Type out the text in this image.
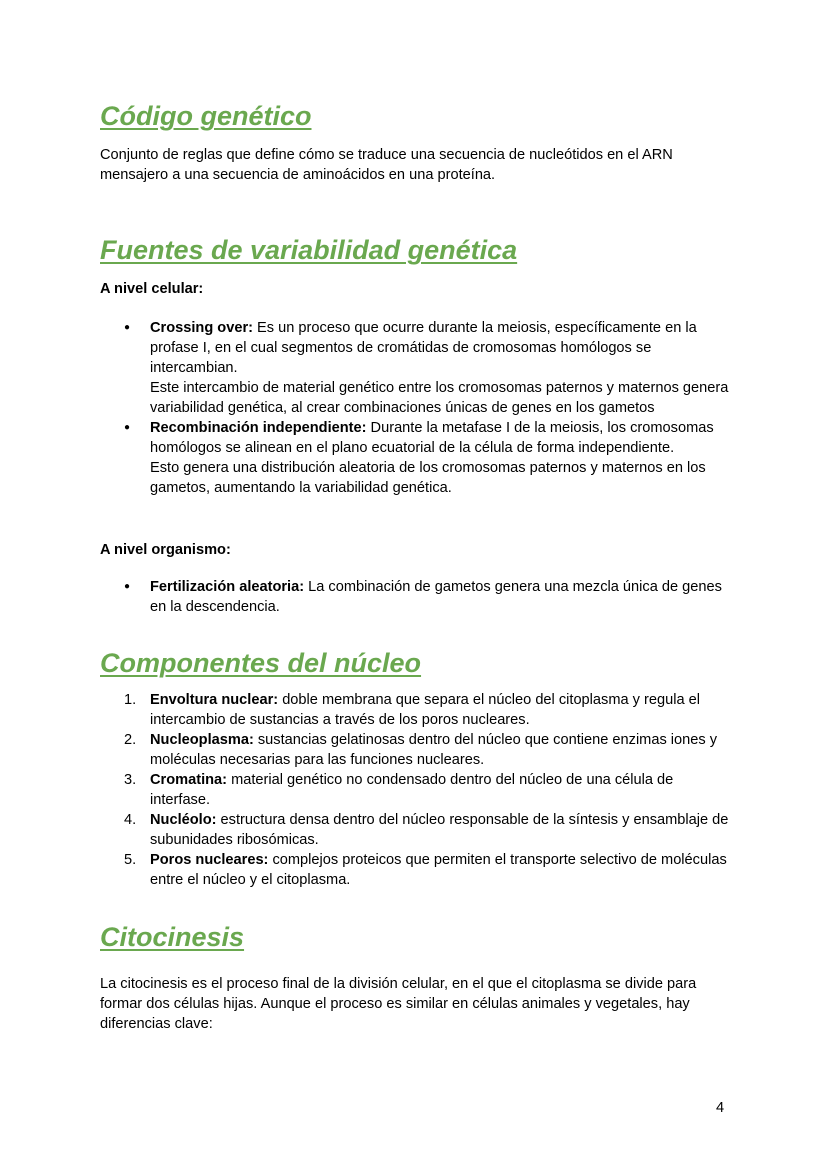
Código genético

Conjunto de reglas que define cómo se traduce una secuencia de nucleótidos en el ARN mensajero a una secuencia de aminoácidos en una proteína.

Fuentes de variabilidad genética

A nivel celular:

● Crossing over: Es un proceso que ocurre durante la meiosis, específicamente en la profase I, en el cual segmentos de cromátidas de cromosomas homólogos se intercambian.
Este intercambio de material genético entre los cromosomas paternos y maternos genera variabilidad genética, al crear combinaciones únicas de genes en los gametos
● Recombinación independiente: Durante la metafase I de la meiosis, los cromosomas homólogos se alinean en el plano ecuatorial de la célula de forma independiente.
Esto genera una distribución aleatoria de los cromosomas paternos y maternos en los gametos, aumentando la variabilidad genética.

A nivel organismo:

● Fertilización aleatoria: La combinación de gametos genera una mezcla única de genes en la descendencia.
Componentes del núcleo
1. Envoltura nuclear: doble membrana que separa el núcleo del citoplasma y regula el intercambio de sustancias a través de los poros nucleares.
2. Nucleoplasma: sustancias gelatinosas dentro del núcleo que contiene enzimas iones y moléculas necesarias para las funciones nucleares.
3. Cromatina: material genético no condensado dentro del núcleo de una célula de interfase.
4. Nucléolo: estructura densa dentro del núcleo responsable de la síntesis y ensamblaje de subunidades ribosómicas.
5. Poros nucleares: complejos proteicos que permiten el transporte selectivo de moléculas entre el núcleo y el citoplasma.
Citocinesis

La citocinesis es el proceso final de la división celular, en el que el citoplasma se divide para formar dos células hijas. Aunque el proceso es similar en células animales y vegetales, hay diferencias clave:

4
